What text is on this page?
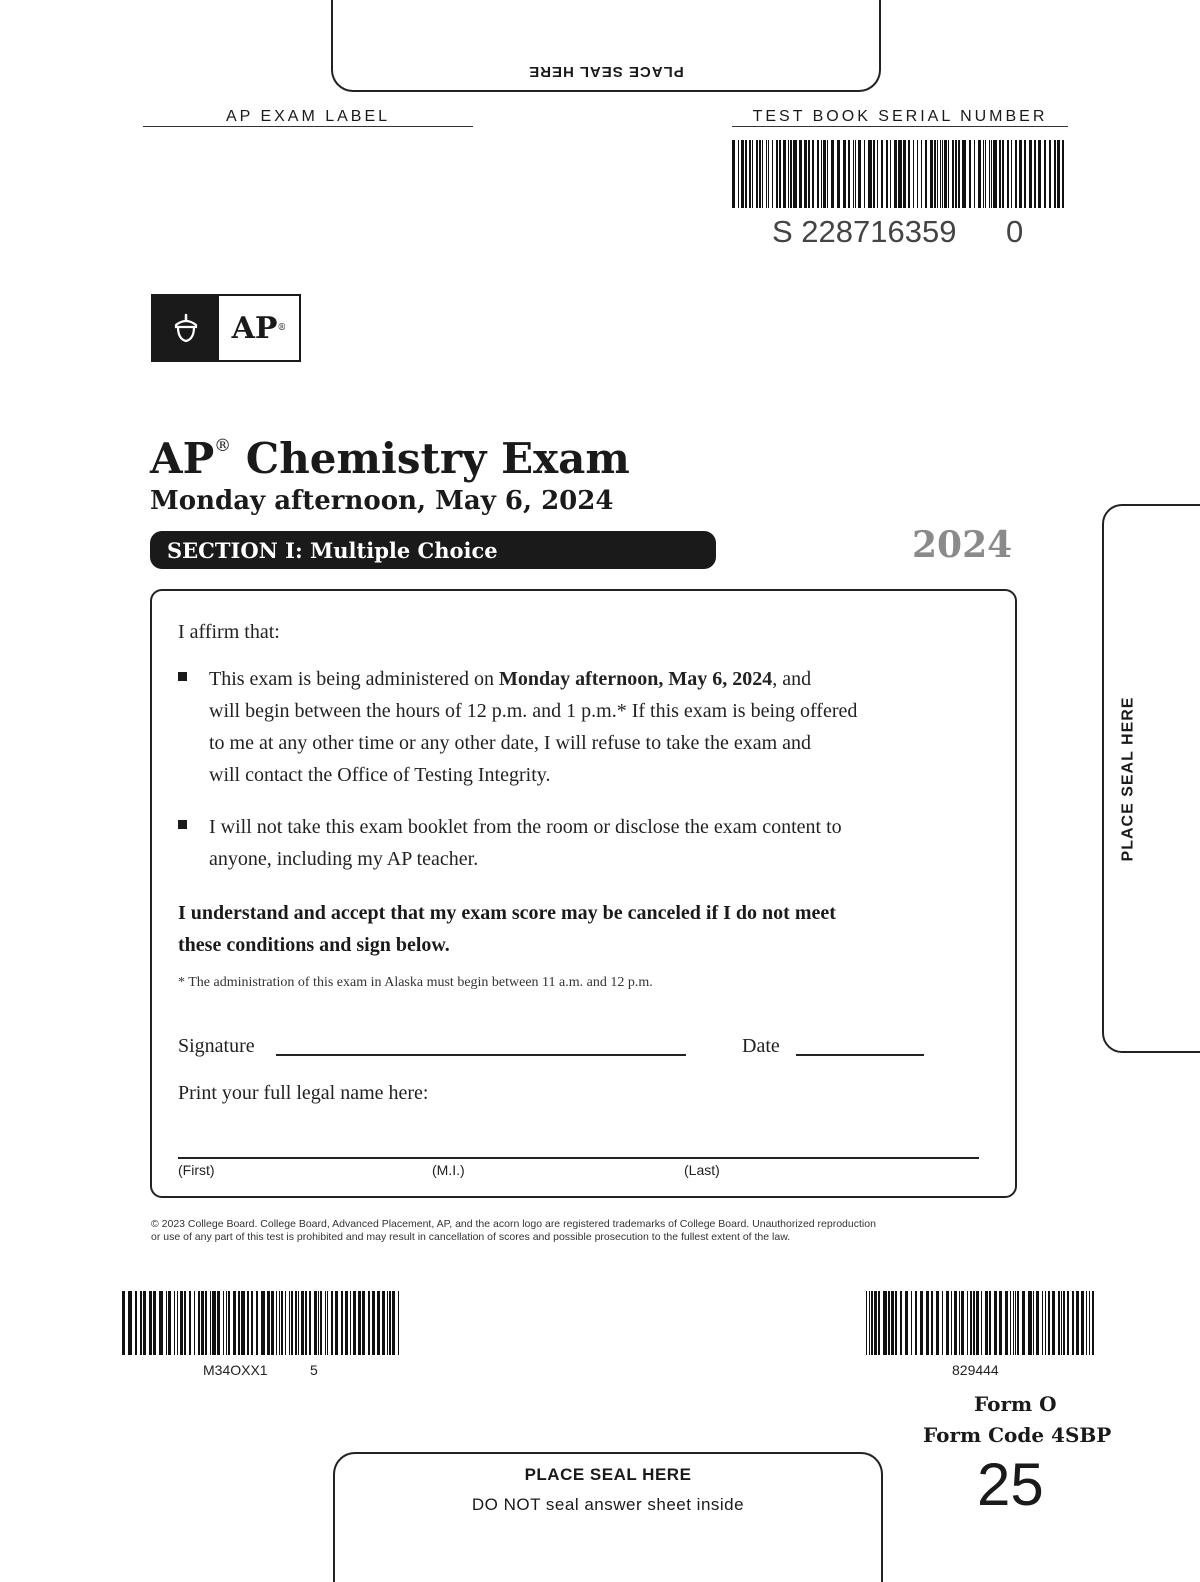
PLACE SEAL HERE
AP EXAM LABEL	TEST BOOK SERIAL NUMBER
S 228716359 0
AP ®
AP® Chemistry Exam
Monday afternoon, May 6, 2024
SECTION I: Multiple Choice	2024
I affirm that:
This exam is being administered on Monday afternoon, May 6, 2024, and
will begin between the hours of 12 p.m. and 1 p.m.* If this exam is being offered
to me at any other time or any other date, I will refuse to take the exam and
will contact the Office of Testing Integrity.
I will not take this exam booklet from the room or disclose the exam content to
anyone, including my AP teacher.
I understand and accept that my exam score may be canceled if I do not meet
these conditions and sign below.
* The administration of this exam in Alaska must begin between 11 a.m. and 12 p.m.
Signature	Date
Print your full legal name here:
(First)	(M.I.)	(Last)
PLACE SEAL HERE
© 2023 College Board. College Board, Advanced Placement, AP, and the acorn logo are registered trademarks of College Board. Unauthorized reproduction
or use of any part of this test is prohibited and may result in cancellation of scores and possible prosecution to the fullest extent of the law.
M34OXX1	5	829444
Form O
Form Code 4SBP
25
PLACE SEAL HERE
DO NOT seal answer sheet inside
